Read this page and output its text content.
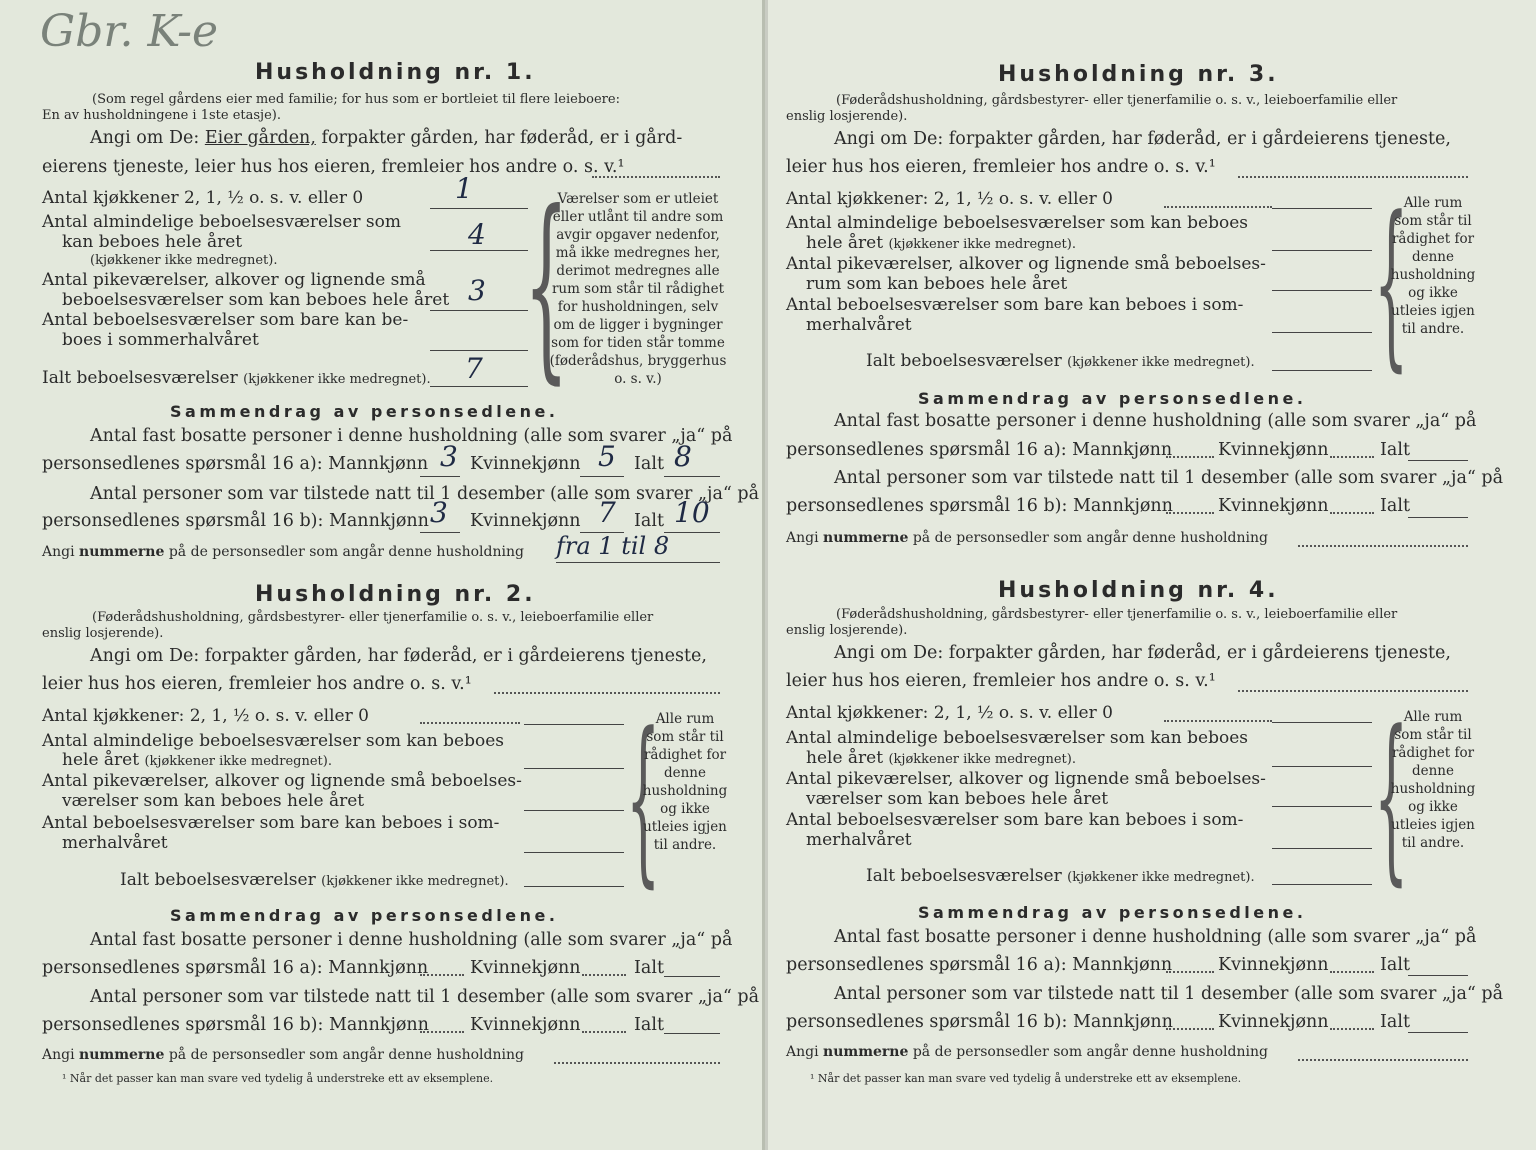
Gbr. K-e
Husholdning nr. 1.
(Som regel gårdens eier med familie; for hus som er bortleiet til flere leieboere:
En av husholdningene i 1ste etasje).
Angi om De: Eier gården, forpakter gården, har føderåd, er i gård-
eierens tjeneste, leier hus hos eieren, fremleier hos andre o. s. v.¹
Antal kjøkkener 2, 1, ½ o. s. v. eller 0	1
Antal almindelige beboelsesværelser som
kan beboes hele året
(kjøkkener ikke medregnet).
4
Antal pikeværelser, alkover og lignende små
beboelsesværelser som kan beboes hele året 3
Antal beboelsesværelser som bare kan be-
boes i sommerhalvåret
Ialt beboelsesværelser (kjøkkener ikke medregnet). 7 {
Værelser som er utleiet eller utlånt til andre som avgir opgaver nedenfor, må ikke medregnes her, derimot medregnes alle rum som står til rådighet for husholdningen, selv om de ligger i bygninger som for tiden står tomme (føderådshus, bryggerhus o. s. v.)
Sammendrag av personsedlene.
Antal fast bosatte personer i denne husholdning (alle som svarer „ja“ på
personsedlenes spørsmål 16 a): Mannkjønn 3 Kvinnekjønn 5 Ialt 8
Antal personer som var tilstede natt til 1 desember (alle som svarer „ja“ på
personsedlenes spørsmål 16 b): Mannkjønn 3 Kvinnekjønn 7 Ialt 10
Angi nummerne på de personsedler som angår denne husholdning fra 1 til 8
Husholdning nr. 2.
(Føderådshusholdning, gårdsbestyrer- eller tjenerfamilie o. s. v., leieboerfamilie eller
enslig losjerende).
Angi om De: forpakter gården, har føderåd, er i gårdeierens tjeneste,
leier hus hos eieren, fremleier hos andre o. s. v.¹
Antal kjøkkener: 2, 1, ½ o. s. v. eller 0
Antal almindelige beboelsesværelser som kan beboes
hele året (kjøkkener ikke medregnet).
Antal pikeværelser, alkover og lignende små beboelses-
værelser som kan beboes hele året
Antal beboelsesværelser som bare kan beboes i som-
merhalvåret
Ialt beboelsesværelser (kjøkkener ikke medregnet). {
Alle rum som står til rådighet for denne husholdning og ikke utleies igjen til andre.
Sammendrag av personsedlene.
Antal fast bosatte personer i denne husholdning (alle som svarer „ja“ på
personsedlenes spørsmål 16 a): Mannkjønn Kvinnekjønn	Ialt
Antal personer som var tilstede natt til 1 desember (alle som svarer „ja“ på
personsedlenes spørsmål 16 b): Mannkjønn Kvinnekjønn	Ialt
Angi nummerne på de personsedler som angår denne husholdning
¹ Når det passer kan man svare ved tydelig å understreke ett av eksemplene.
Husholdning nr. 3.
(Føderådshusholdning, gårdsbestyrer- eller tjenerfamilie o. s. v., leieboerfamilie eller
enslig losjerende).
Angi om De: forpakter gården, har føderåd, er i gårdeierens tjeneste,
leier hus hos eieren, fremleier hos andre o. s. v.¹
Antal kjøkkener: 2, 1, ½ o. s. v. eller 0
Antal almindelige beboelsesværelser som kan beboes
hele året (kjøkkener ikke medregnet).
Antal pikeværelser, alkover og lignende små beboelses-
rum som kan beboes hele året
Antal beboelsesværelser som bare kan beboes i som-
merhalvåret
Ialt beboelsesværelser (kjøkkener ikke medregnet). {
Alle rum som står til rådighet for denne husholdning og ikke utleies igjen til andre.
Sammendrag av personsedlene.
Antal fast bosatte personer i denne husholdning (alle som svarer „ja“ på
personsedlenes spørsmål 16 a): Mannkjønn	Kvinnekjønn	Ialt
Antal personer som var tilstede natt til 1 desember (alle som svarer „ja“ på
personsedlenes spørsmål 16 b): Mannkjønn	Kvinnekjønn	Ialt
Angi nummerne på de personsedler som angår denne husholdning
Husholdning nr. 4.
(Føderådshusholdning, gårdsbestyrer- eller tjenerfamilie o. s. v., leieboerfamilie eller
enslig losjerende).
Angi om De: forpakter gården, har føderåd, er i gårdeierens tjeneste,
leier hus hos eieren, fremleier hos andre o. s. v.¹
Antal kjøkkener: 2, 1, ½ o. s. v. eller 0
Antal almindelige beboelsesværelser som kan beboes
hele året (kjøkkener ikke medregnet).
Antal pikeværelser, alkover og lignende små beboelses-
værelser som kan beboes hele året
Antal beboelsesværelser som bare kan beboes i som-
merhalvåret
Ialt beboelsesværelser (kjøkkener ikke medregnet). {
Alle rum som står til rådighet for denne husholdning og ikke utleies igjen til andre.
Sammendrag av personsedlene.
Antal fast bosatte personer i denne husholdning (alle som svarer „ja“ på
personsedlenes spørsmål 16 a): Mannkjønn	Kvinnekjønn	Ialt
Antal personer som var tilstede natt til 1 desember (alle som svarer „ja“ på
personsedlenes spørsmål 16 b): Mannkjønn	Kvinnekjønn	Ialt
Angi nummerne på de personsedler som angår denne husholdning
¹ Når det passer kan man svare ved tydelig å understreke ett av eksemplene.
